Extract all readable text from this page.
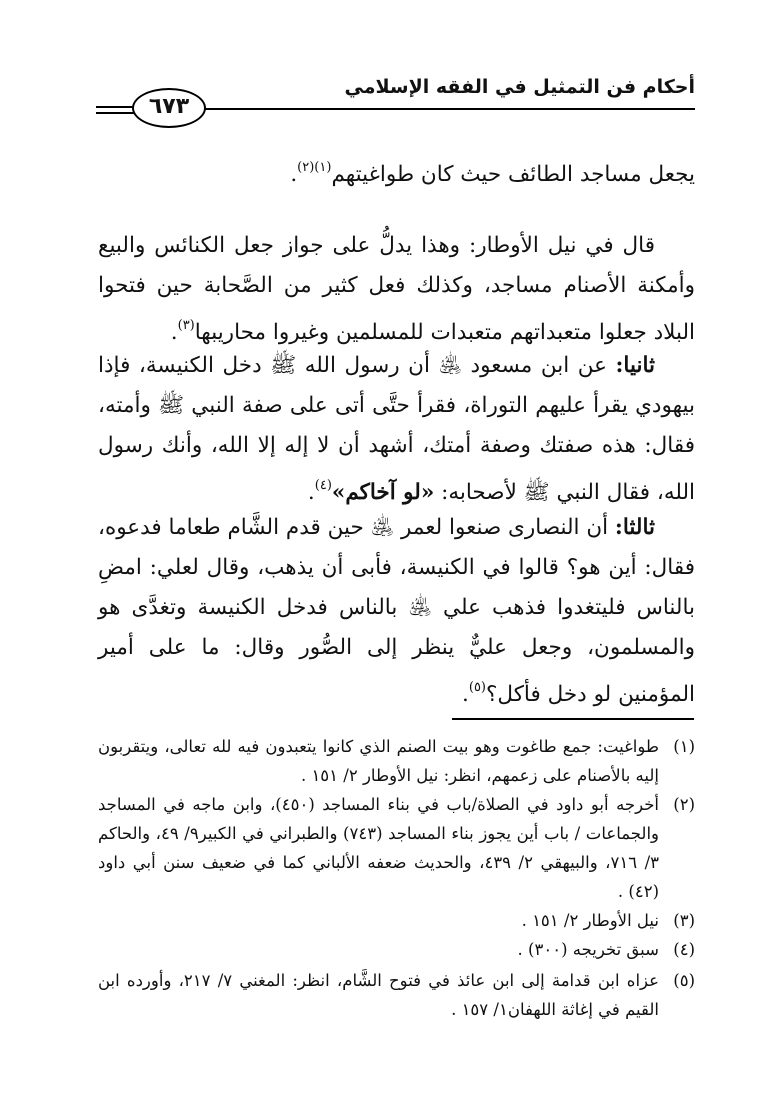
أحكام فن التمثيل في الفقه الإسلامي
٦٧٣

يجعل مساجد الطائف حيث كان طواغيتهم$^{(١)(٢)}$.

قال في نيل الأوطار: وهذا يدلُّ على جواز جعل الكنائس والبيع وأمكنة الأصنام مساجد، وكذلك فعل كثير من الصَّحابة حين فتحوا البلاد جعلوا متعبداتهم متعبدات للمسلمين وغيروا محاريبها$^{(٣)}$.

ثانيا: عن ابن مسعود ﵁ أن رسول الله ﷺ دخل الكنيسة، فإذا بيهودي يقرأ عليهم التوراة، فقرأ حتَّى أتى على صفة النبي ﷺ وأمته، فقال: هذه صفتك وصفة أمتك، أشهد أن لا إله إلا الله، وأنك رسول الله، فقال النبي ﷺ لأصحابه: «لو آخاكم»$^{(٤)}$.

ثالثا: أن النصارى صنعوا لعمر ﵁ حين قدم الشَّام طعاما فدعوه، فقال: أين هو؟ قالوا في الكنيسة، فأبى أن يذهب، وقال لعلي: امضِ بالناس فليتغدوا فذهب علي ﵁ بالناس فدخل الكنيسة وتغدَّى هو والمسلمون، وجعل عليٌّ ينظر إلى الصُّور وقال: ما على أمير المؤمنين لو دخل فأكل؟$^{(٥)}$.

(١)
طواغيت: جمع طاغوت وهو بيت الصنم الذي كانوا يتعبدون فيه لله تعالى، ويتقربون إليه بالأصنام على زعمهم، انظر: نيل الأوطار ٢/ ١٥١ .
(٢)
أخرجه أبو داود في الصلاة/باب في بناء المساجد (٤٥٠)، وابن ماجه في المساجد والجماعات / باب أين يجوز بناء المساجد (٧٤٣) والطبراني في الكبير٩/ ٤٩، والحاكم ٣/ ٧١٦، والبيهقي ٢/ ٤٣٩، والحديث ضعفه الألباني كما في ضعيف سنن أبي داود (٤٢) .
(٣)
نيل الأوطار ٢/ ١٥١ .
(٤)
سبق تخريجه (٣٠٠) .
(٥)
عزاه ابن قدامة إلى ابن عائذ في فتوح الشَّام، انظر: المغني ٧/ ٢١٧، وأورده ابن القيم في إغاثة اللهفان١/ ١٥٧ .
